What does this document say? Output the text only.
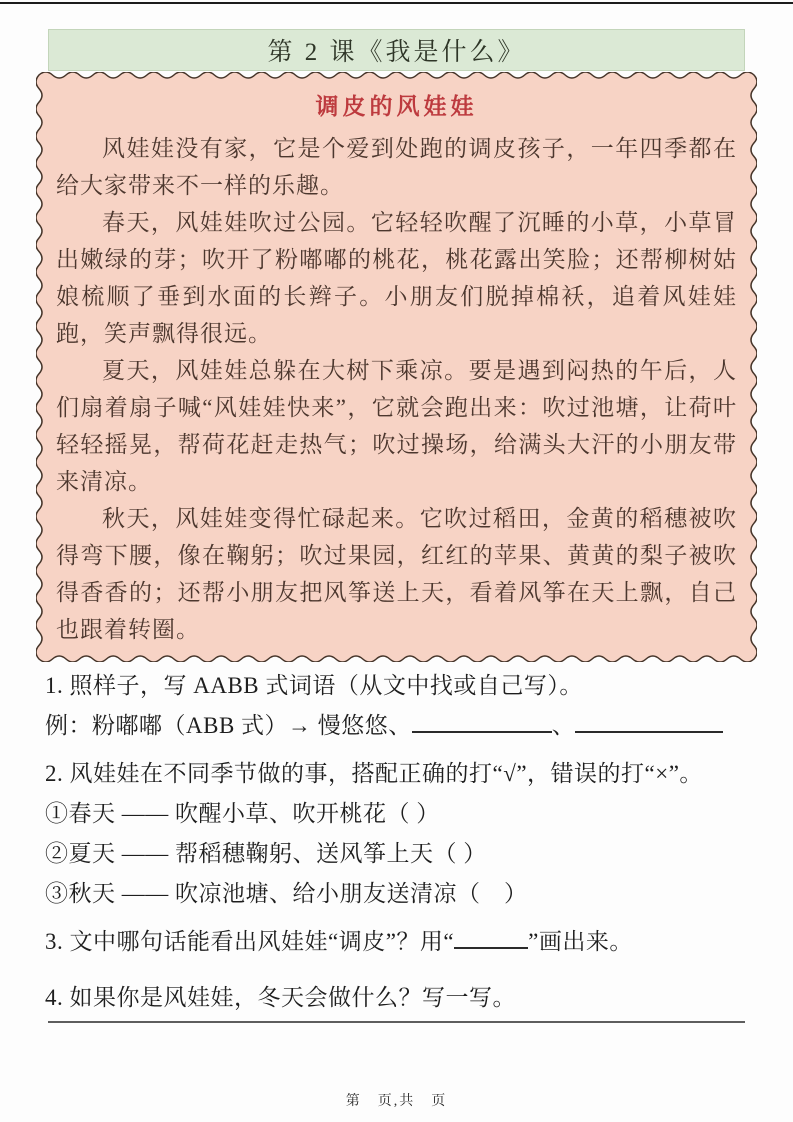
第 2 课《我是什么》
调皮的风娃娃

风娃娃没有家，它是个爱到处跑的调皮孩子，一年四季都在给大家带来不一样的乐趣。

春天，风娃娃吹过公园。它轻轻吹醒了沉睡的小草，小草冒出嫩绿的芽；吹开了粉嘟嘟的桃花，桃花露出笑脸；还帮柳树姑娘梳顺了垂到水面的长辫子。小朋友们脱掉棉袄，追着风娃娃跑，笑声飘得很远。

夏天，风娃娃总躲在大树下乘凉。要是遇到闷热的午后，人们扇着扇子喊“风娃娃快来”，它就会跑出来：吹过池塘，让荷叶轻轻摇晃，帮荷花赶走热气；吹过操场，给满头大汗的小朋友带来清凉。

秋天，风娃娃变得忙碌起来。它吹过稻田，金黄的稻穗被吹得弯下腰，像在鞠躬；吹过果园，红红的苹果、黄黄的梨子被吹得香香的；还帮小朋友把风筝送上天，看着风筝在天上飘，自己也跟着转圈。

1. 照样子，写 AABB 式词语（从文中找或自己写）。
例：粉嘟嘟（ABB 式）→ 慢悠悠、	、
2. 风娃娃在不同季节做的事，搭配正确的打“√”，错误的打“×”。
①春天 —— 吹醒小草、吹开桃花（ ）
②夏天 —— 帮稻穗鞠躬、送风筝上天（ ）
③秋天 —— 吹凉池塘、给小朋友送清凉（　）
3. 文中哪句话能看出风娃娃“调皮”？用“	”画出来。
4. 如果你是风娃娃，冬天会做什么？写一写。
第　页,共　页
